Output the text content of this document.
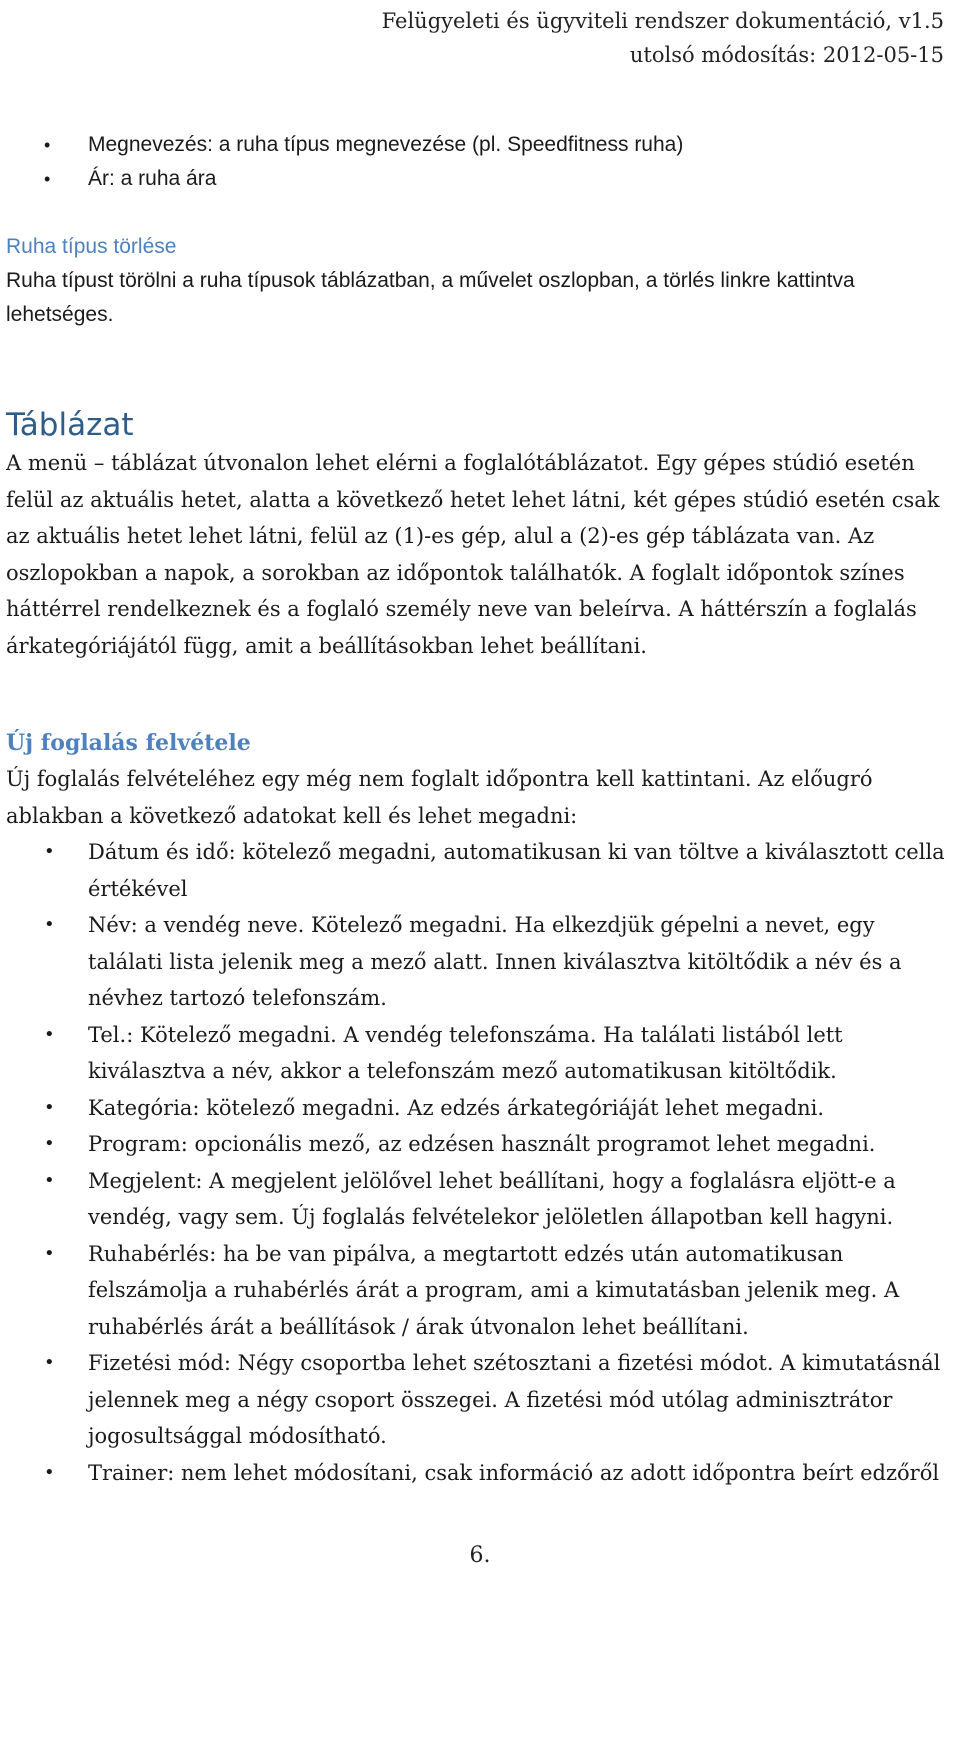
Felügyeleti és ügyviteli rendszer dokumentáció, v1.5
utolsó módosítás: 2012-05-15
• Megnevezés: a ruha típus megnevezése (pl. Speedfitness ruha)
• Ár: a ruha ára
Ruha típus törlése

Ruha típust törölni a ruha típusok táblázatban, a művelet oszlopban, a törlés linkre kattintva lehetséges.

Táblázat

A menü – táblázat útvonalon lehet elérni a foglalótáblázatot. Egy gépes stúdió esetén felül az aktuális hetet, alatta a következő hetet lehet látni, két gépes stúdió esetén csak az aktuális hetet lehet látni, felül az (1)-es gép, alul a (2)-es gép táblázata van. Az oszlopokban a napok, a sorokban az időpontok találhatók. A foglalt időpontok színes háttérrel rendelkeznek és a foglaló személy neve van beleírva. A háttérszín a foglalás árkategóriájától függ, amit a beállításokban lehet beállítani.

Új foglalás felvétele

Új foglalás felvételéhez egy még nem foglalt időpontra kell kattintani. Az előugró ablakban a következő adatokat kell és lehet megadni:

• Dátum és idő: kötelező megadni, automatikusan ki van töltve a kiválasztott cella értékével
• Név: a vendég neve. Kötelező megadni. Ha elkezdjük gépelni a nevet, egy találati lista jelenik meg a mező alatt. Innen kiválasztva kitöltődik a név és a névhez tartozó telefonszám.
• Tel.: Kötelező megadni. A vendég telefonszáma. Ha találati listából lett kiválasztva a név, akkor a telefonszám mező automatikusan kitöltődik.
• Kategória: kötelező megadni. Az edzés árkategóriáját lehet megadni.
• Program: opcionális mező, az edzésen használt programot lehet megadni.
• Megjelent: A megjelent jelölővel lehet beállítani, hogy a foglalásra eljött-e a vendég, vagy sem. Új foglalás felvételekor jelöletlen állapotban kell hagyni.
• Ruhabérlés: ha be van pipálva, a megtartott edzés után automatikusan felszámolja a ruhabérlés árát a program, ami a kimutatásban jelenik meg. A ruhabérlés árát a beállítások / árak útvonalon lehet beállítani.
• Fizetési mód: Négy csoportba lehet szétosztani a fizetési módot. A kimutatásnál jelennek meg a négy csoport összegei. A fizetési mód utólag adminisztrátor jogosultsággal módosítható.
• Trainer: nem lehet módosítani, csak információ az adott időpontra beírt edzőről
6.
